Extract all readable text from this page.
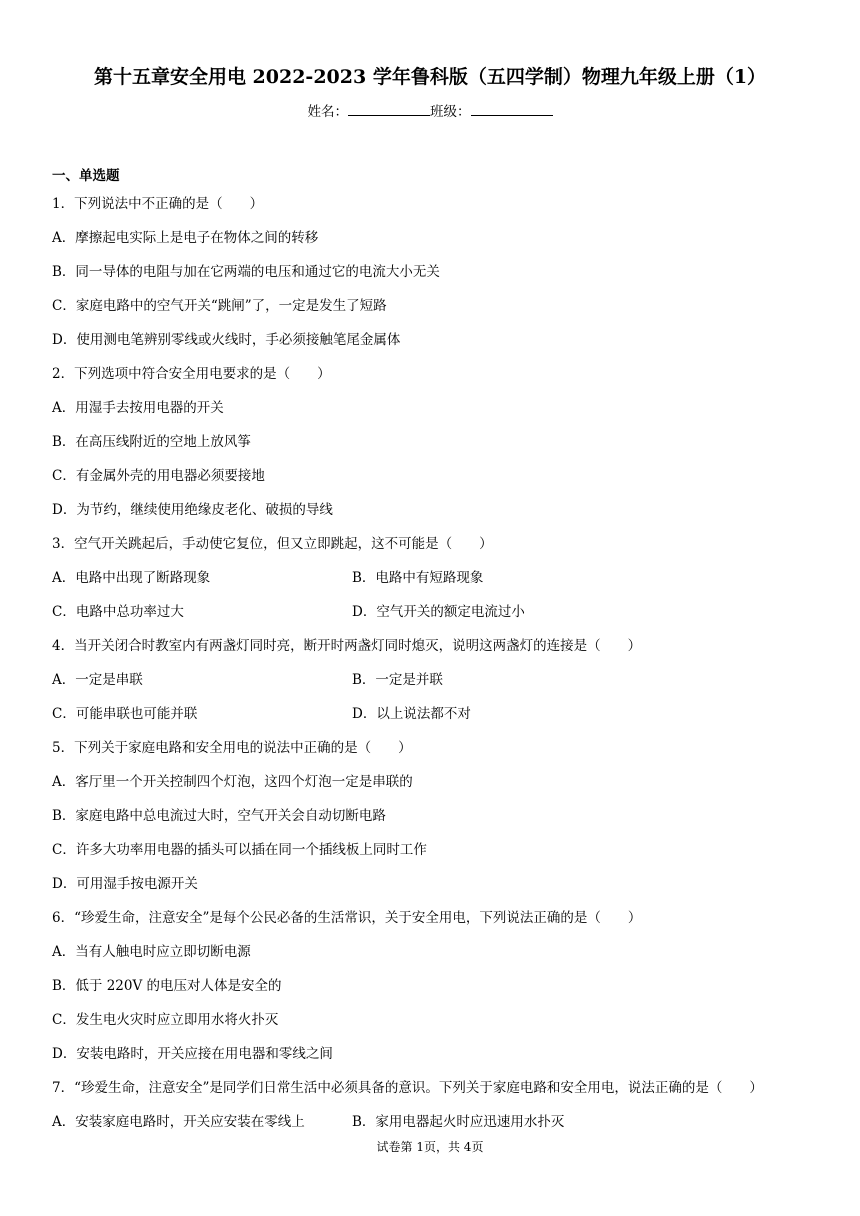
第十五章安全用电 2022-2023 学年鲁科版（五四学制）物理九年级上册（1）
姓名：	班级：
一、单选题
1．下列说法中不正确的是（　　）
A．摩擦起电实际上是电子在物体之间的转移
B．同一导体的电阻与加在它两端的电压和通过它的电流大小无关
C．家庭电路中的空气开关“跳闸”了，一定是发生了短路
D．使用测电笔辨别零线或火线时，手必须接触笔尾金属体
2．下列选项中符合安全用电要求的是（　　）
A．用湿手去按用电器的开关
B．在高压线附近的空地上放风筝
C．有金属外壳的用电器必须要接地
D．为节约，继续使用绝缘皮老化、破损的导线
3．空气开关跳起后，手动使它复位，但又立即跳起，这不可能是（　　）
A．电路中出现了断路现象	B．电路中有短路现象
C．电路中总功率过大	D．空气开关的额定电流过小
4．当开关闭合时教室内有两盏灯同时亮，断开时两盏灯同时熄灭，说明这两盏灯的连接是（　　）
A．一定是串联	B．一定是并联
C．可能串联也可能并联	D．以上说法都不对
5．下列关于家庭电路和安全用电的说法中正确的是（　　）
A．客厅里一个开关控制四个灯泡，这四个灯泡一定是串联的
B．家庭电路中总电流过大时，空气开关会自动切断电路
C．许多大功率用电器的插头可以插在同一个插线板上同时工作
D．可用湿手按电源开关
6．“珍爱生命，注意安全”是每个公民必备的生活常识，关于安全用电，下列说法正确的是（　　）
A．当有人触电时应立即切断电源
B．低于 220V 的电压对人体是安全的
C．发生电火灾时应立即用水将火扑灭
D．安装电路时，开关应接在用电器和零线之间
7．“珍爱生命，注意安全”是同学们日常生活中必须具备的意识。下列关于家庭电路和安全用电，说法正确的是（　　）
A．安装家庭电路时，开关应安装在零线上	B．家用电器起火时应迅速用水扑灭
试卷第 1页，共 4页
